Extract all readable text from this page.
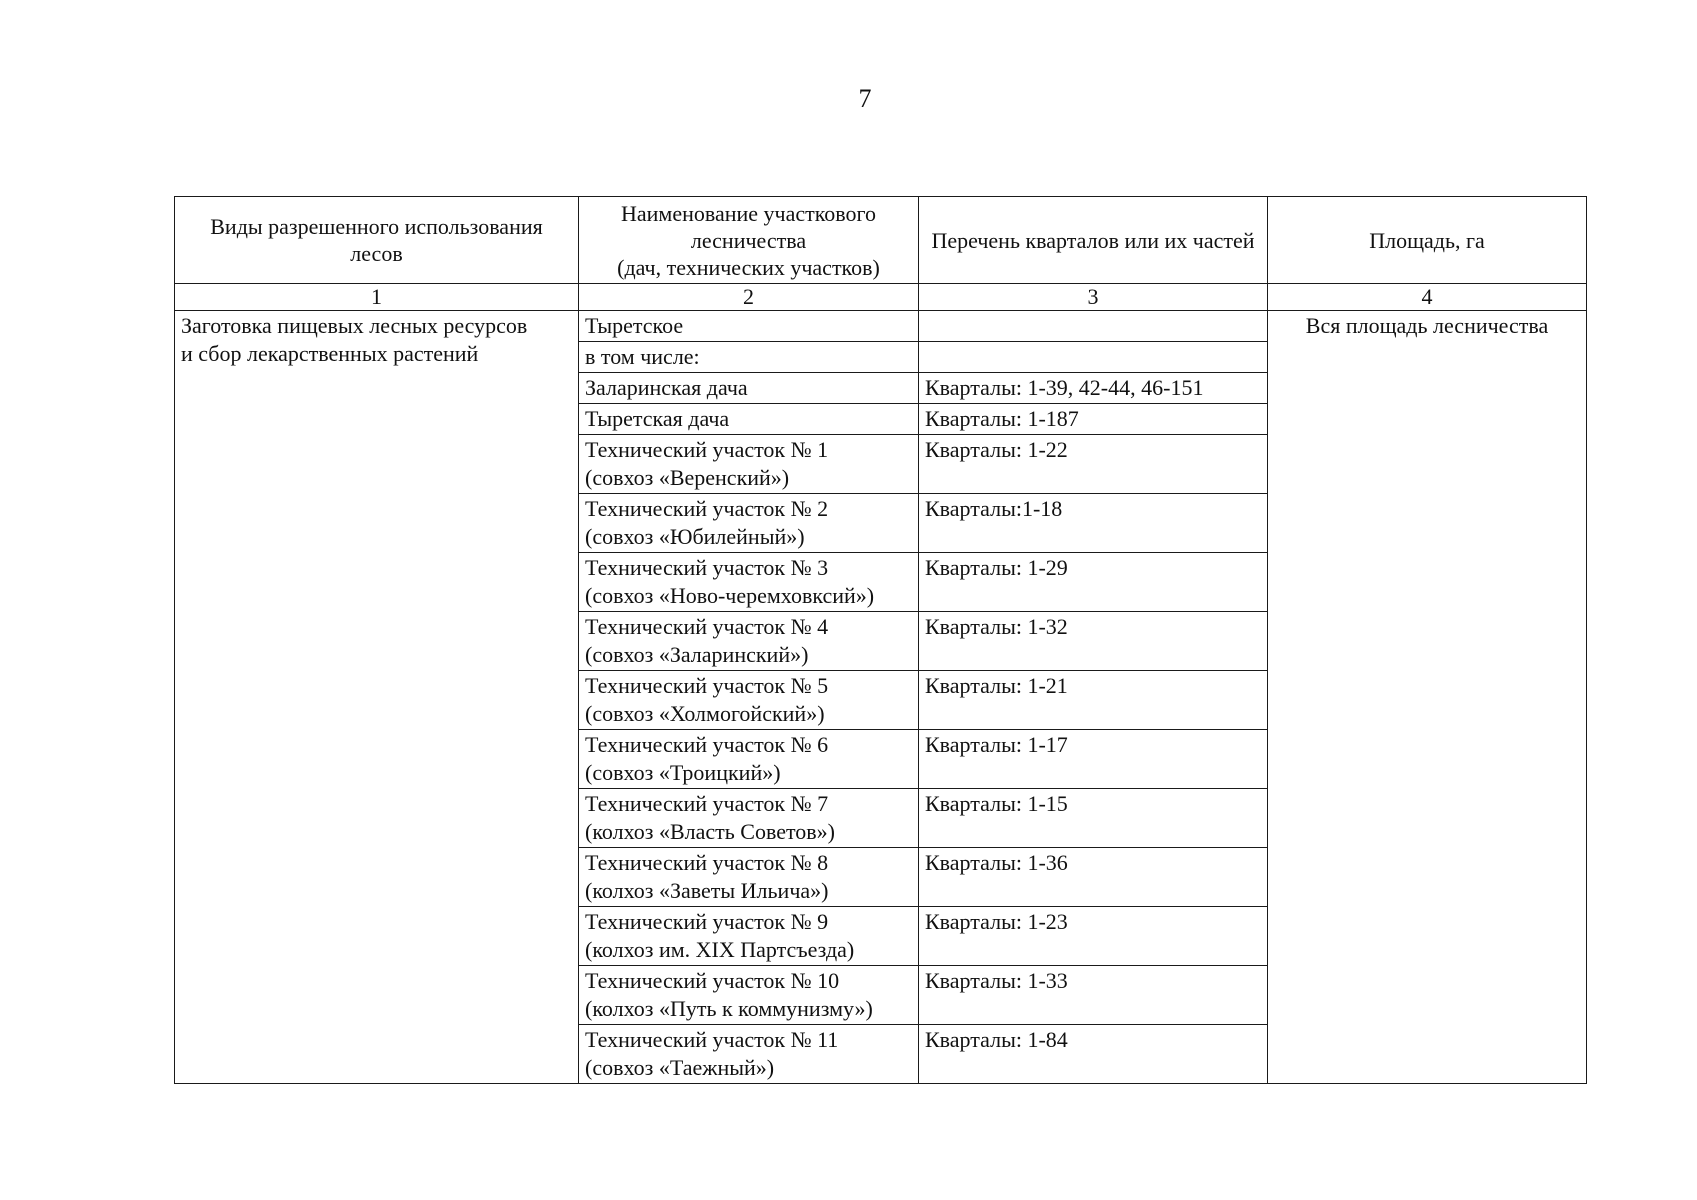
7
Виды разрешенного использования лесов	Наименование участкового
лесничества
(дач, технических участков)	Перечень кварталов или их частей	Площадь, га
1	2	3	4
Заготовка пищевых лесных ресурсов
и сбор лекарственных растений	Тыретское		Вся площадь лесничества
	в том числе:		
	Заларинская дача	Кварталы: 1-39, 42-44, 46-151	
	Тыретская дача	Кварталы: 1-187	
	Технический участок № 1
(совхоз «Веренский»)	Кварталы: 1-22	
	Технический участок № 2
(совхоз «Юбилейный»)	Кварталы:1-18	
	Технический участок № 3
(совхоз «Ново-черемховксий»)	Кварталы: 1-29	
	Технический участок № 4
(совхоз «Заларинский»)	Кварталы: 1-32	
	Технический участок № 5
(совхоз «Холмогойский»)	Кварталы: 1-21	
	Технический участок № 6
(совхоз «Троицкий»)	Кварталы: 1-17	
	Технический участок № 7
(колхоз «Власть Советов»)	Кварталы: 1-15	
	Технический участок № 8
(колхоз «Заветы Ильича»)	Кварталы: 1-36	
	Технический участок № 9
(колхоз им. XIX Партсъезда)	Кварталы: 1-23	
	Технический участок № 10
(колхоз «Путь к коммунизму»)	Кварталы: 1-33	
	Технический участок № 11
(совхоз «Таежный»)	Кварталы: 1-84	
